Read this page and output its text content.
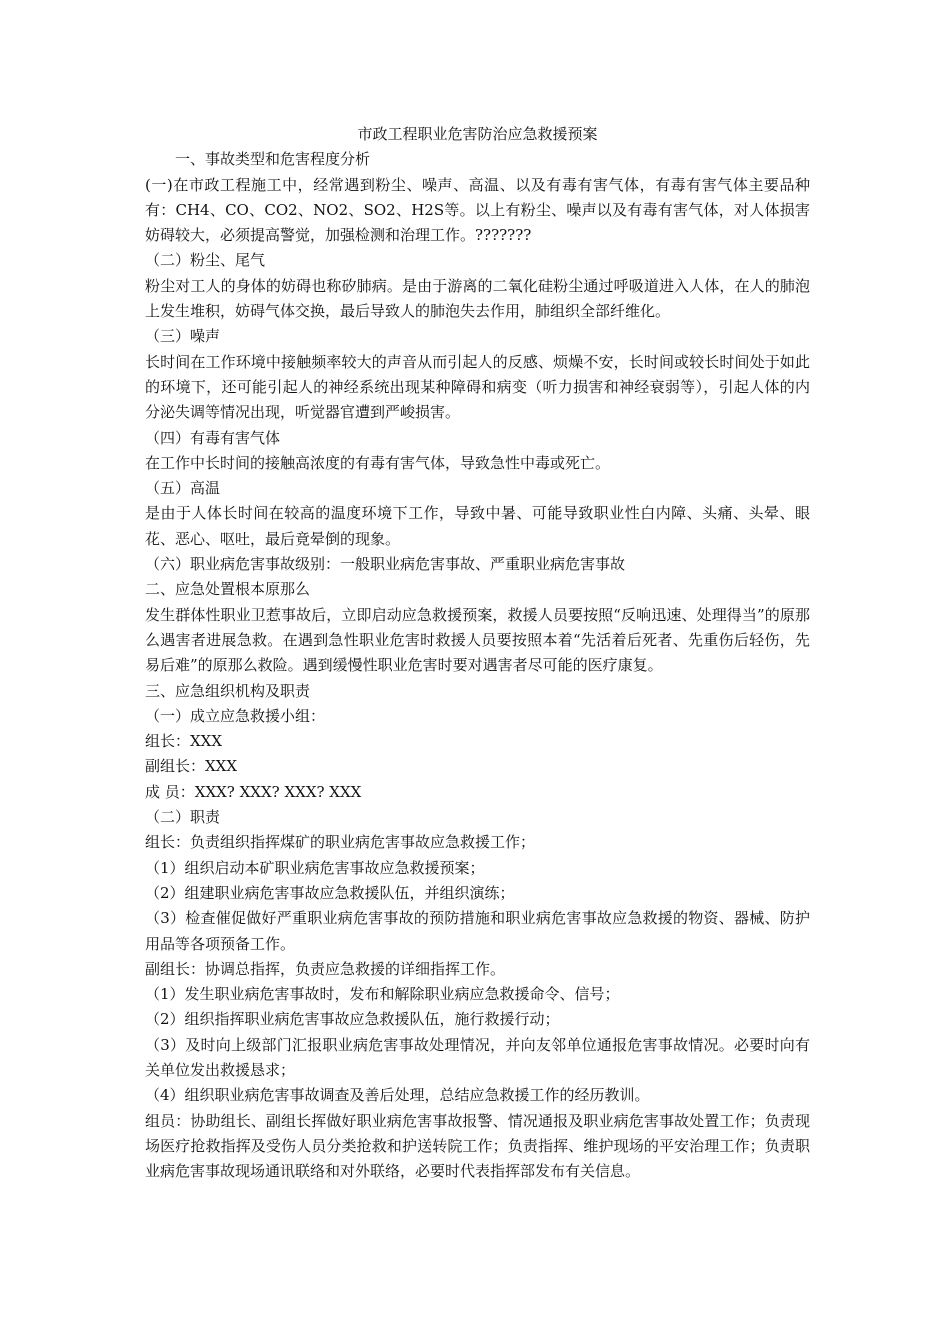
市政工程职业危害防治应急救援预案

一、事故类型和危害程度分析

(一)在市政工程施工中，经常遇到粉尘、噪声、高温、以及有毒有害气体，有毒有害气体主要品种有：CH4、CO、CO2、NO2、SO2、H2S等。以上有粉尘、噪声以及有毒有害气体，对人体损害妨碍较大，必须提高警觉，加强检测和治理工作。???????

（二）粉尘、尾气

粉尘对工人的身体的妨碍也称矽肺病。是由于游离的二氧化硅粉尘通过呼吸道进入人体，在人的肺泡上发生堆积，妨碍气体交换，最后导致人的肺泡失去作用，肺组织全部纤维化。

（三）噪声

长时间在工作环境中接触频率较大的声音从而引起人的反感、烦燥不安，长时间或较长时间处于如此的环境下，还可能引起人的神经系统出现某种障碍和病变（听力损害和神经衰弱等），引起人体的内分泌失调等情况出现，听觉器官遭到严峻损害。

（四）有毒有害气体

在工作中长时间的接触高浓度的有毒有害气体，导致急性中毒或死亡。

（五）高温

是由于人体长时间在较高的温度环境下工作，导致中暑、可能导致职业性白内障、头痛、头晕、眼花、恶心、呕吐，最后竟晕倒的现象。

（六）职业病危害事故级别：一般职业病危害事故、严重职业病危害事故

二、应急处置根本原那么

发生群体性职业卫惹事故后，立即启动应急救援预案，救援人员要按照“反响迅速、处理得当”的原那么遇害者进展急救。在遇到急性职业危害时救援人员要按照本着“先活着后死者、先重伤后轻伤，先易后难”的原那么救险。遇到缓慢性职业危害时要对遇害者尽可能的医疗康复。

三、应急组织机构及职责

（一）成立应急救援小组：

组长：XXX

副组长：XXX

成 员：XXX? XXX? XXX? XXX

（二）职责

组长：负责组织指挥煤矿的职业病危害事故应急救援工作；

（1）组织启动本矿职业病危害事故应急救援预案；

（2）组建职业病危害事故应急救援队伍，并组织演练；

（3）检查催促做好严重职业病危害事故的预防措施和职业病危害事故应急救援的物资、器械、防护用品等各项预备工作。

副组长：协调总指挥，负责应急救援的详细指挥工作。

（1）发生职业病危害事故时，发布和解除职业病应急救援命令、信号；

（2）组织指挥职业病危害事故应急救援队伍，施行救援行动；

（3）及时向上级部门汇报职业病危害事故处理情况，并向友邻单位通报危害事故情况。必要时向有关单位发出救援恳求；

（4）组织职业病危害事故调查及善后处理，总结应急救援工作的经历教训。

组员：协助组长、副组长挥做好职业病危害事故报警、情况通报及职业病危害事故处置工作；负责现场医疗抢救指挥及受伤人员分类抢救和护送转院工作；负责指挥、维护现场的平安治理工作；负责职业病危害事故现场通讯联络和对外联络，必要时代表指挥部发布有关信息。
